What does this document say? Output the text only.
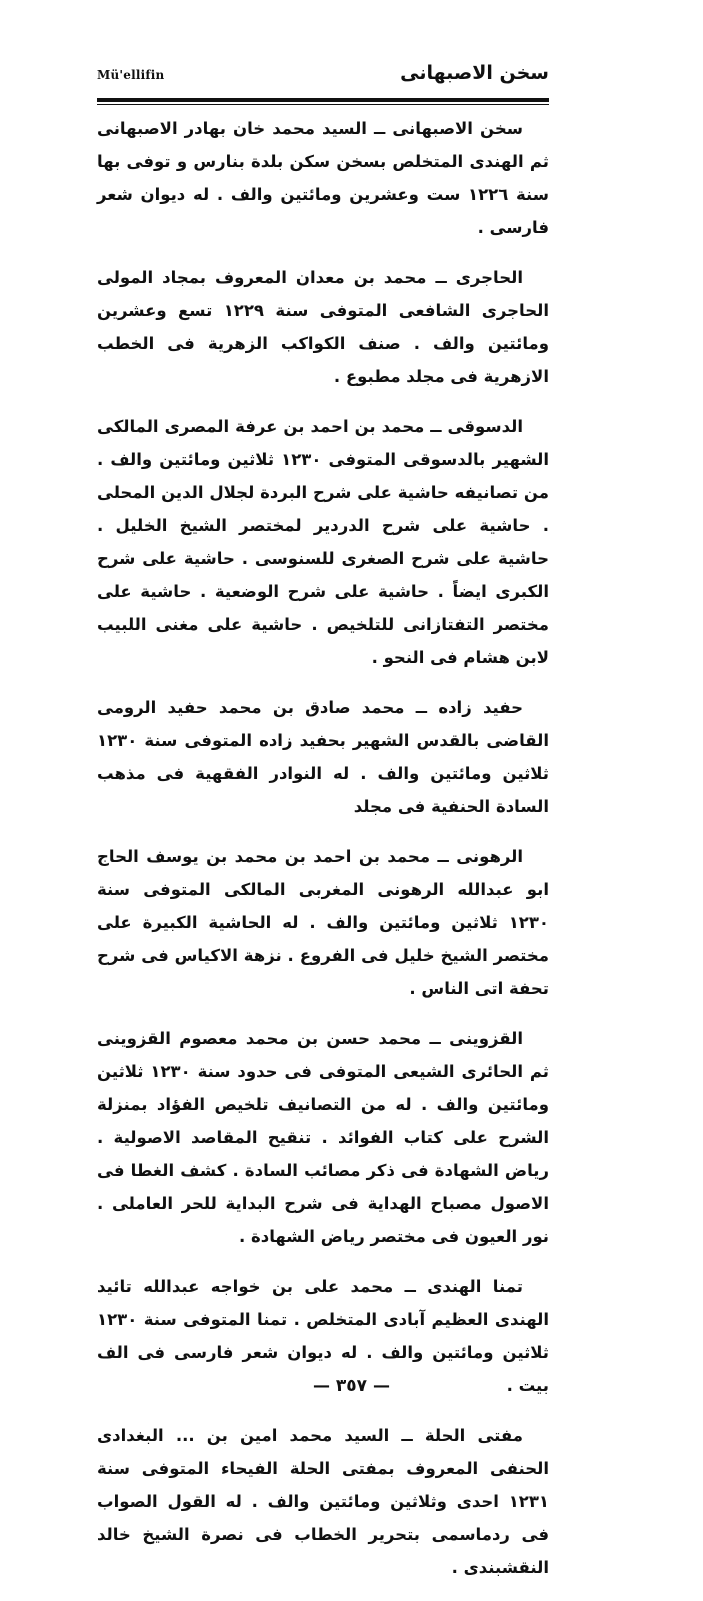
Mü'ellifin	سخن الاصبهانی

سخن الاصبهانی ــ السید محمد خان بهادر الاصبهانی ثم الهندی المتخلص بسخن سکن بلدة بنارس و توفی بها سنة ١٢٢٦ ست وعشرین ومائتین والف . له دیوان شعر فارسی .

الحاجری ــ محمد بن معدان المعروف بمجاد المولی الحاجری الشافعی المتوفی سنة ١٢٢٩ تسع وعشرین ومائتین والف . صنف الکواکب الزهریة فی الخطب الازهریة فی مجلد مطبوع .

الدسوقی ــ محمد بن احمد بن عرفة المصری المالکی الشهیر بالدسوقی المتوفی ١٢٣٠ ثلاثین ومائتین والف . من تصانیفه حاشیة علی شرح البردة لجلال الدین المحلی . حاشیة علی شرح الدردیر لمختصر الشیخ الخلیل . حاشیة علی شرح الصغری للسنوسی . حاشیة علی شرح الکبری ایضاً . حاشیة علی شرح الوضعیة . حاشیة علی مختصر التفتازانی للتلخیص . حاشیة علی مغنی اللبیب لابن هشام فی النحو .

حفید زاده ــ محمد صادق بن محمد حفید الرومی القاضی بالقدس الشهیر بحفید زاده المتوفی سنة ١٢٣٠ ثلاثین ومائتین والف . له النوادر الفقهیة فی مذهب السادة الحنفیة فی مجلد

الرهونی ــ محمد بن احمد بن محمد بن یوسف الحاج ابو عبدالله الرهونی المغربی المالکی المتوفی سنة ١٢٣٠ ثلاثین ومائتین والف . له الحاشیة الکبیرة علی مختصر الشیخ خلیل فی الفروع . نزهة الاکیاس فی شرح تحفة اتی الناس .

القزوینی ــ محمد حسن بن محمد معصوم القزوینی ثم الحائری الشیعی المتوفی فی حدود سنة ١٢٣٠ ثلاثین ومائتین والف . له من التصانیف تلخیص الفؤاد بمنزلة الشرح علی کتاب الفوائد . تنقیح المقاصد الاصولیة . ریاض الشهادة فی ذکر مصائب السادة . کشف الغطا فی الاصول مصباح الهدایة فی شرح البدایة للحر العاملی . نور العیون فی مختصر ریاض الشهادة .

تمنا الهندی ــ محمد علی بن خواجه عبدالله تائید الهندی العظیم آبادی المتخلص . تمنا المتوفی سنة ١٢٣٠ ثلاثین ومائتین والف . له دیوان شعر فارسی فی الف بیت .

مفتی الحلة ــ السید محمد امین بن ... البغدادی الحنفی المعروف بمفتی الحلة الفیحاء المتوفی سنة ١٢٣١ احدی وثلاثین ومائتین والف . له القول الصواب فی ردماسمی بتحریر الخطاب فی نصرة الشیخ خالد النقشبندی .

— ٣٥٧ —
